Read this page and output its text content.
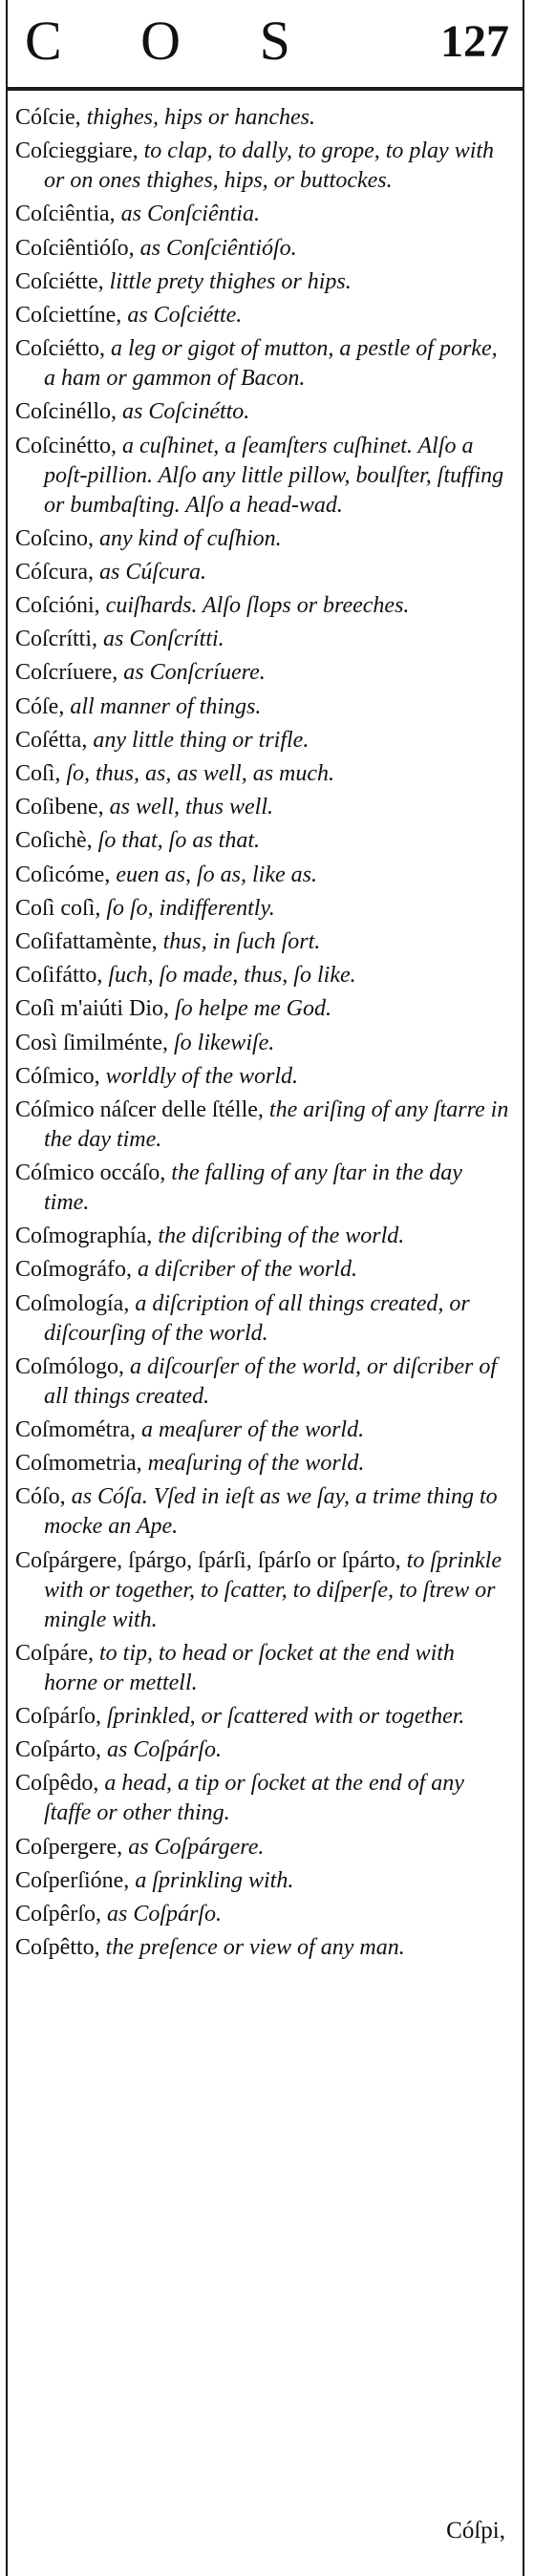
C O S	127
Cóſcie, thighes, hips or hanches.
Coſcieggiare, to clap, to dally, to grope, to play with or on ones thighes, hips, or buttockes.
Coſciêntia, as Conſciêntia.
Coſciêntióſo, as Conſciêntióſo.
Coſciétte, little prety thighes or hips.
Coſciettíne, as Coſciétte.
Coſciétto, a leg or gigot of mutton, a pestle of porke, a ham or gammon of Bacon.
Coſcinéllo, as Coſcinétto.
Coſcinétto, a cuſhinet, a ſeamſters cuſhinet. Alſo a poſt-pillion. Alſo any little pillow, boulſter, ſtuffing or bumbaſting. Alſo a head-wad.
Coſcino, any kind of cuſhion.
Cóſcura, as Cúſcura.
Coſcióni, cuiſhards. Alſo ſlops or breeches.
Coſcrítti, as Conſcrítti.
Coſcríuere, as Conſcríuere.
Cóſe, all manner of things.
Coſétta, any little thing or trifle.
Coſì, ſo, thus, as, as well, as much.
Coſibene, as well, thus well.
Coſichè, ſo that, ſo as that.
Coſicóme, euen as, ſo as, like as.
Coſì coſì, ſo ſo, indifferently.
Coſifattamènte, thus, in ſuch ſort.
Coſifátto, ſuch, ſo made, thus, ſo like.
Coſì m'aiúti Dio, ſo helpe me God.
Così ſimilménte, ſo likewiſe.
Cóſmico, worldly of the world.
Cóſmico náſcer delle ſtélle, the ariſing of any ſtarre in the day time.
Cóſmico occáſo, the falling of any ſtar in the day time.
Coſmographía, the diſcribing of the world.
Coſmográfo, a diſcriber of the world.
Coſmología, a diſcription of all things created, or diſcourſing of the world.
Coſmólogo, a diſcourſer of the world, or diſcriber of all things created.
Coſmométra, a meaſurer of the world.
Coſmometria, meaſuring of the world.
Cóſo, as Cóſa. Vſed in ieſt as we ſay, a trime thing to mocke an Ape.
Coſpárgere, ſpárgo, ſpárſi, ſpárſo or ſpárto, to ſprinkle with or together, to ſcatter, to diſperſe, to ſtrew or mingle with.
Coſpáre, to tip, to head or ſocket at the end with horne or mettell.
Coſpárſo, ſprinkled, or ſcattered with or together.
Coſpárto, as Coſpárſo.
Coſpêdo, a head, a tip or ſocket at the end of any ſtaffe or other thing.
Coſpergere, as Coſpárgere.
Coſperſióne, a ſprinkling with.
Coſpêrſo, as Coſpárſo.
Coſpêtto, the preſence or view of any man.
Cóſpi,
